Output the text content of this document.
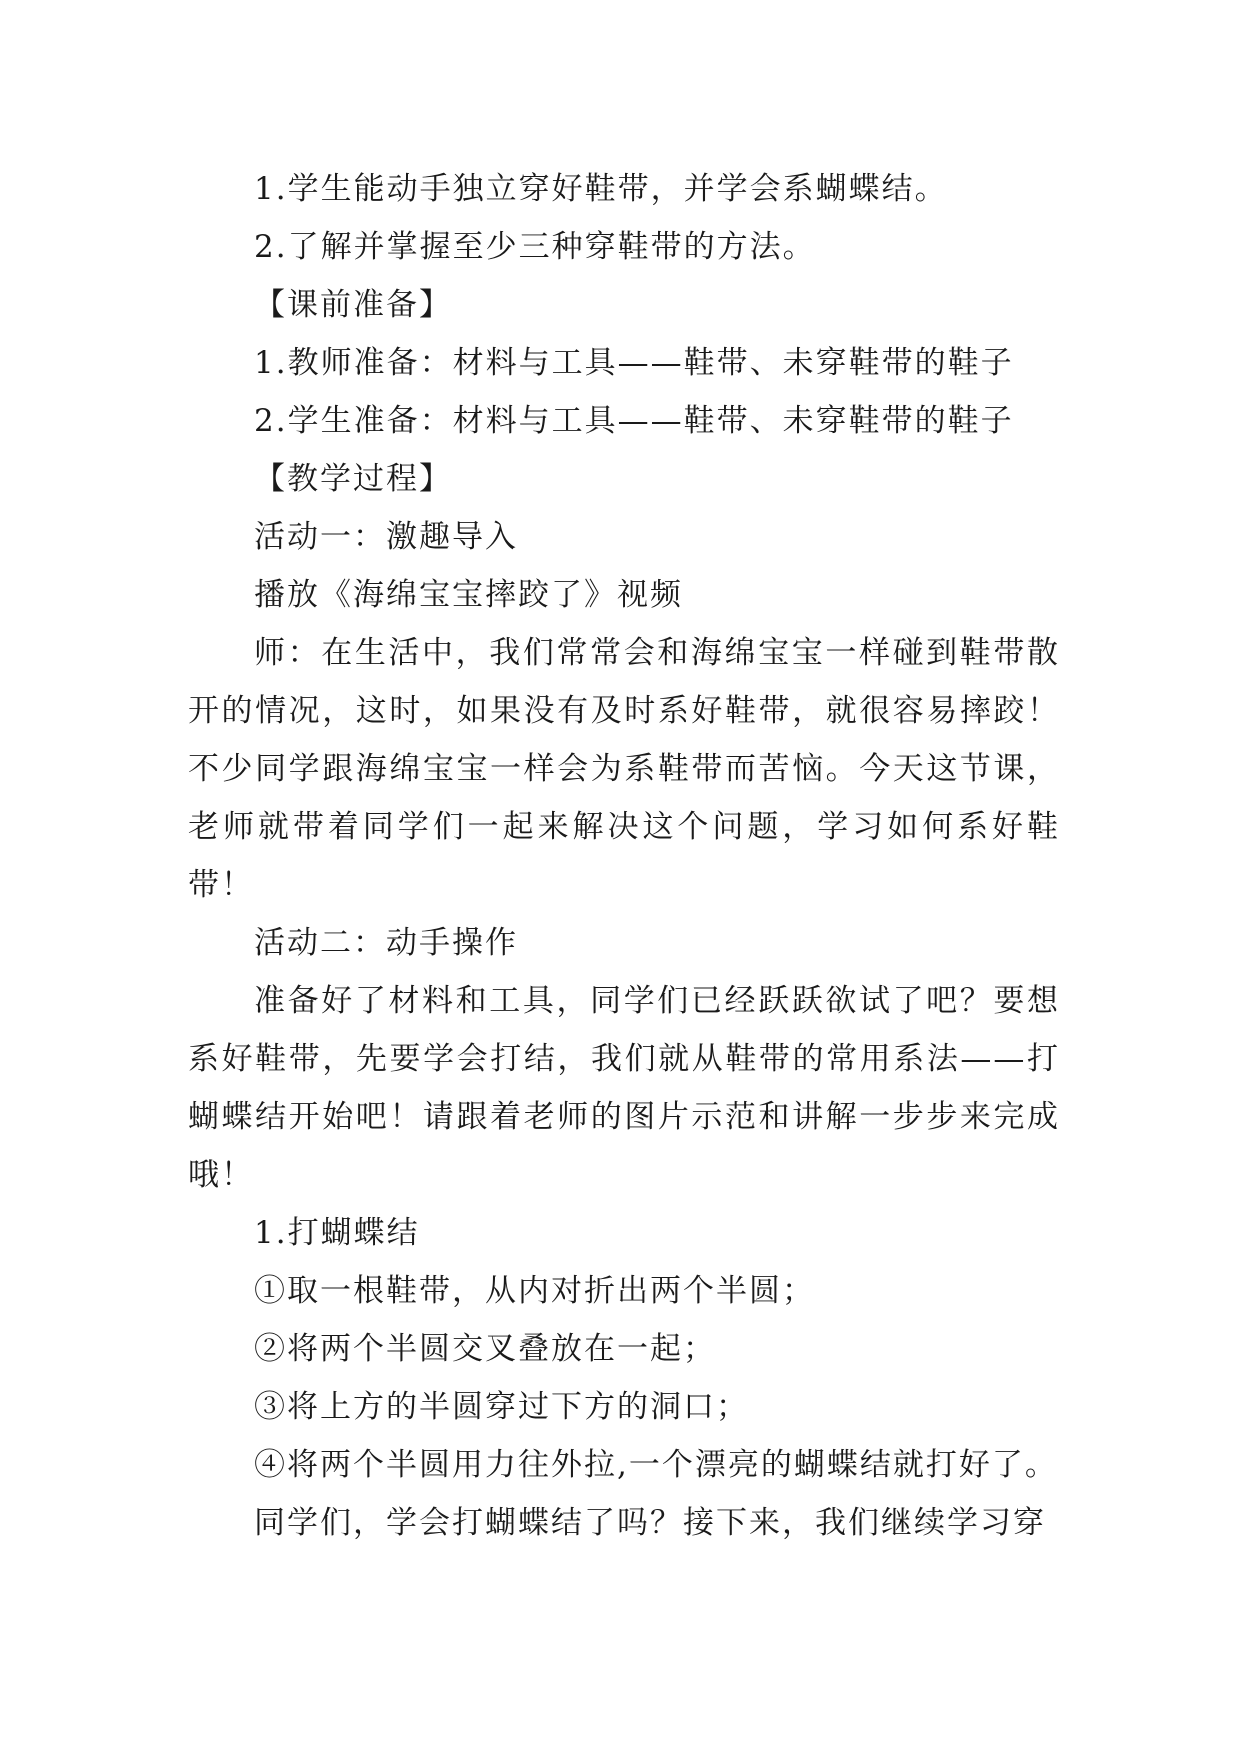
1.学生能动手独立穿好鞋带，并学会系蝴蝶结。

2.了解并掌握至少三种穿鞋带的方法。

【课前准备】

1.教师准备：材料与工具——鞋带、未穿鞋带的鞋子

2.学生准备：材料与工具——鞋带、未穿鞋带的鞋子

【教学过程】

活动一：激趣导入

播放《海绵宝宝摔跤了》视频

师：在生活中，我们常常会和海绵宝宝一样碰到鞋带散开的情况，这时，如果没有及时系好鞋带，就很容易摔跤！不少同学跟海绵宝宝一样会为系鞋带而苦恼。今天这节课，老师就带着同学们一起来解决这个问题，学习如何系好鞋带！

活动二：动手操作

准备好了材料和工具，同学们已经跃跃欲试了吧？要想系好鞋带，先要学会打结，我们就从鞋带的常用系法——打蝴蝶结开始吧！请跟着老师的图片示范和讲解一步步来完成哦！

1.打蝴蝶结

①取一根鞋带，从内对折出两个半圆；

②将两个半圆交叉叠放在一起；

③将上方的半圆穿过下方的洞口；

④将两个半圆用力往外拉,一个漂亮的蝴蝶结就打好了。

同学们，学会打蝴蝶结了吗？接下来，我们继续学习穿
